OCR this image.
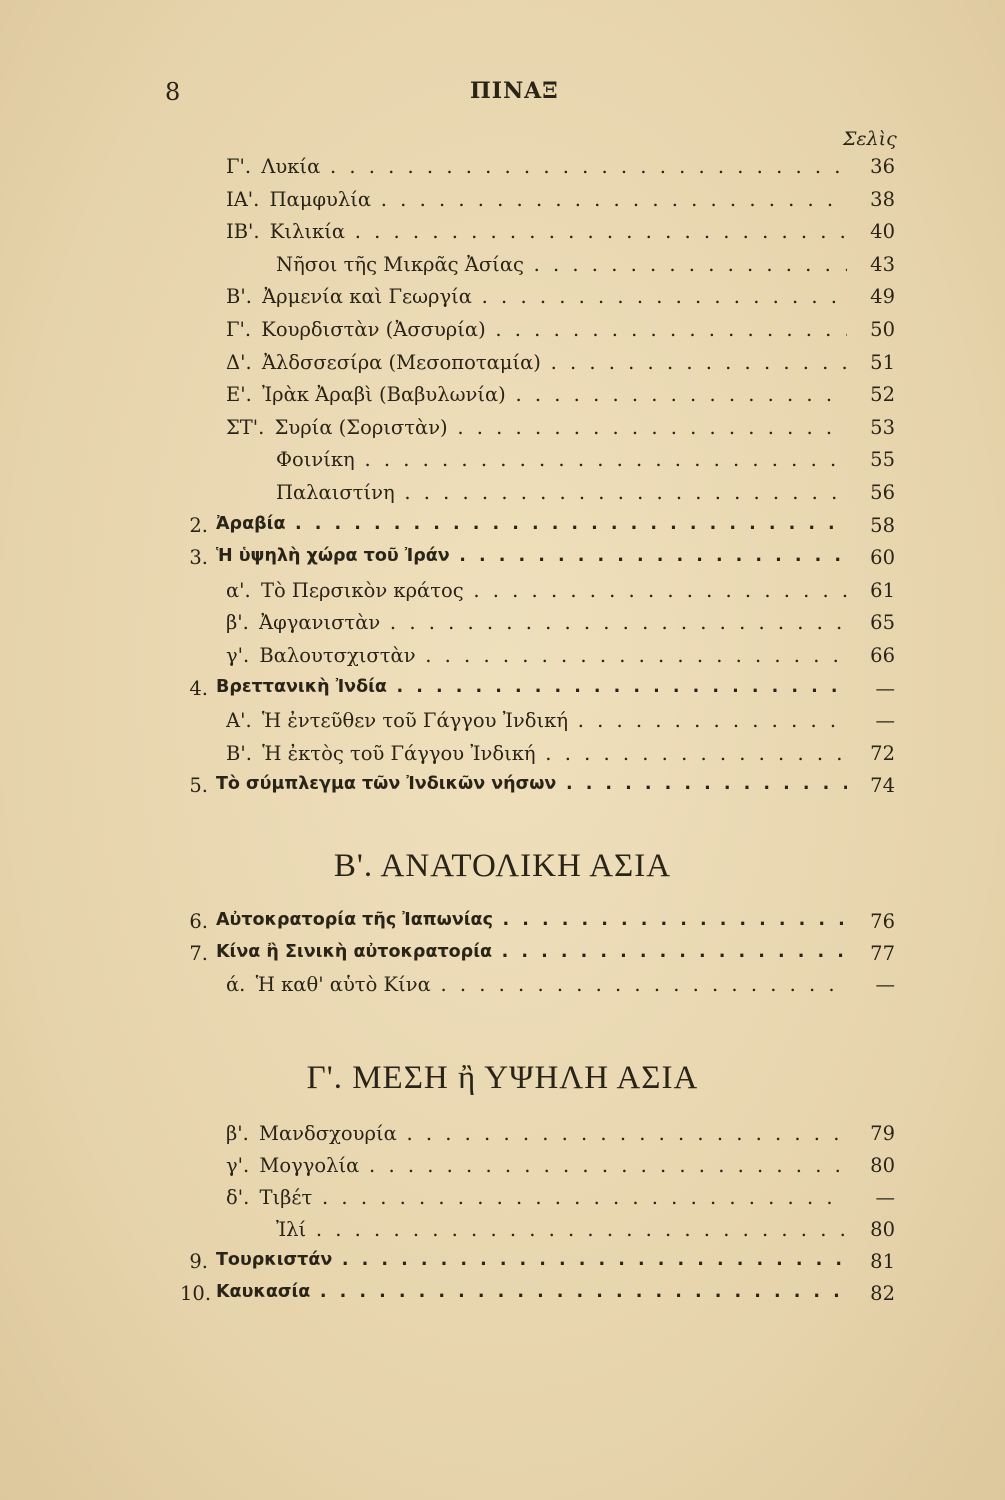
8	ΠΙΝΑΞ
Σελὶς
Γ'. Λυκία . . .	36
ΙΑ'. Παμφυλία . . .	38
ΙΒ'. Κιλικία . . .	40
Νῆσοι τῆς Μικρᾶς Ἀσίας . . .	43
Β'. Ἀρμενία καὶ Γεωργία . . .	49
Γ'. Κουρδιστὰν (Ἀσσυρία) . . .	50
Δ'. Ἀλδσσεσίρα (Μεσοποταμία) . . .	51
Ε'. Ἰρὰκ Ἀραβὶ (Βαβυλωνία) . . .	52
ΣΤ'. Συρία (Σοριστὰν) . . .	53
Φοινίκη . . .	55
Παλαιστίνη . . .	56
2. Ἀραβία . . .	58
3. Ἡ ὑψηλὴ χώρα τοῦ Ἰράν . . .	60
α'. Τὸ Περσικὸν κράτος . . .	61
β'. Ἀφγανιστὰν . . .	65
γ'. Βαλουτσχιστὰν . . .	66
4. Βρεττανικὴ Ἰνδία . . .	—
Α'. Ἡ ἐντεῦθεν τοῦ Γάγγου Ἰνδική . . .	—
Β'. Ἡ ἐκτὸς τοῦ Γάγγου Ἰνδική . . .	72
5. Τὸ σύμπλεγμα τῶν Ἰνδικῶν νήσων . . .	74
Β'. ΑΝΑΤΟΛΙΚΗ ΑΣΙΑ
6. Αὐτοκρατορία τῆς Ἰαπωνίας . . .	76
7. Κίνα ἢ Σινικὴ αὐτοκρατορία . . .	77
ά. Ἡ καθ' αὑτὸ Κίνα . . .	—
Γ'. ΜΕΣΗ ἢ ΥΨΗΛΗ ΑΣΙΑ
β'. Μανδσχουρία . . .	79
γ'. Μογγολία . . .	80
δ'. Τιβέτ . . .	—
Ἰλί . . .	80
9. Τουρκιστάν . . .	81
10. Καυκασία . . .	82
